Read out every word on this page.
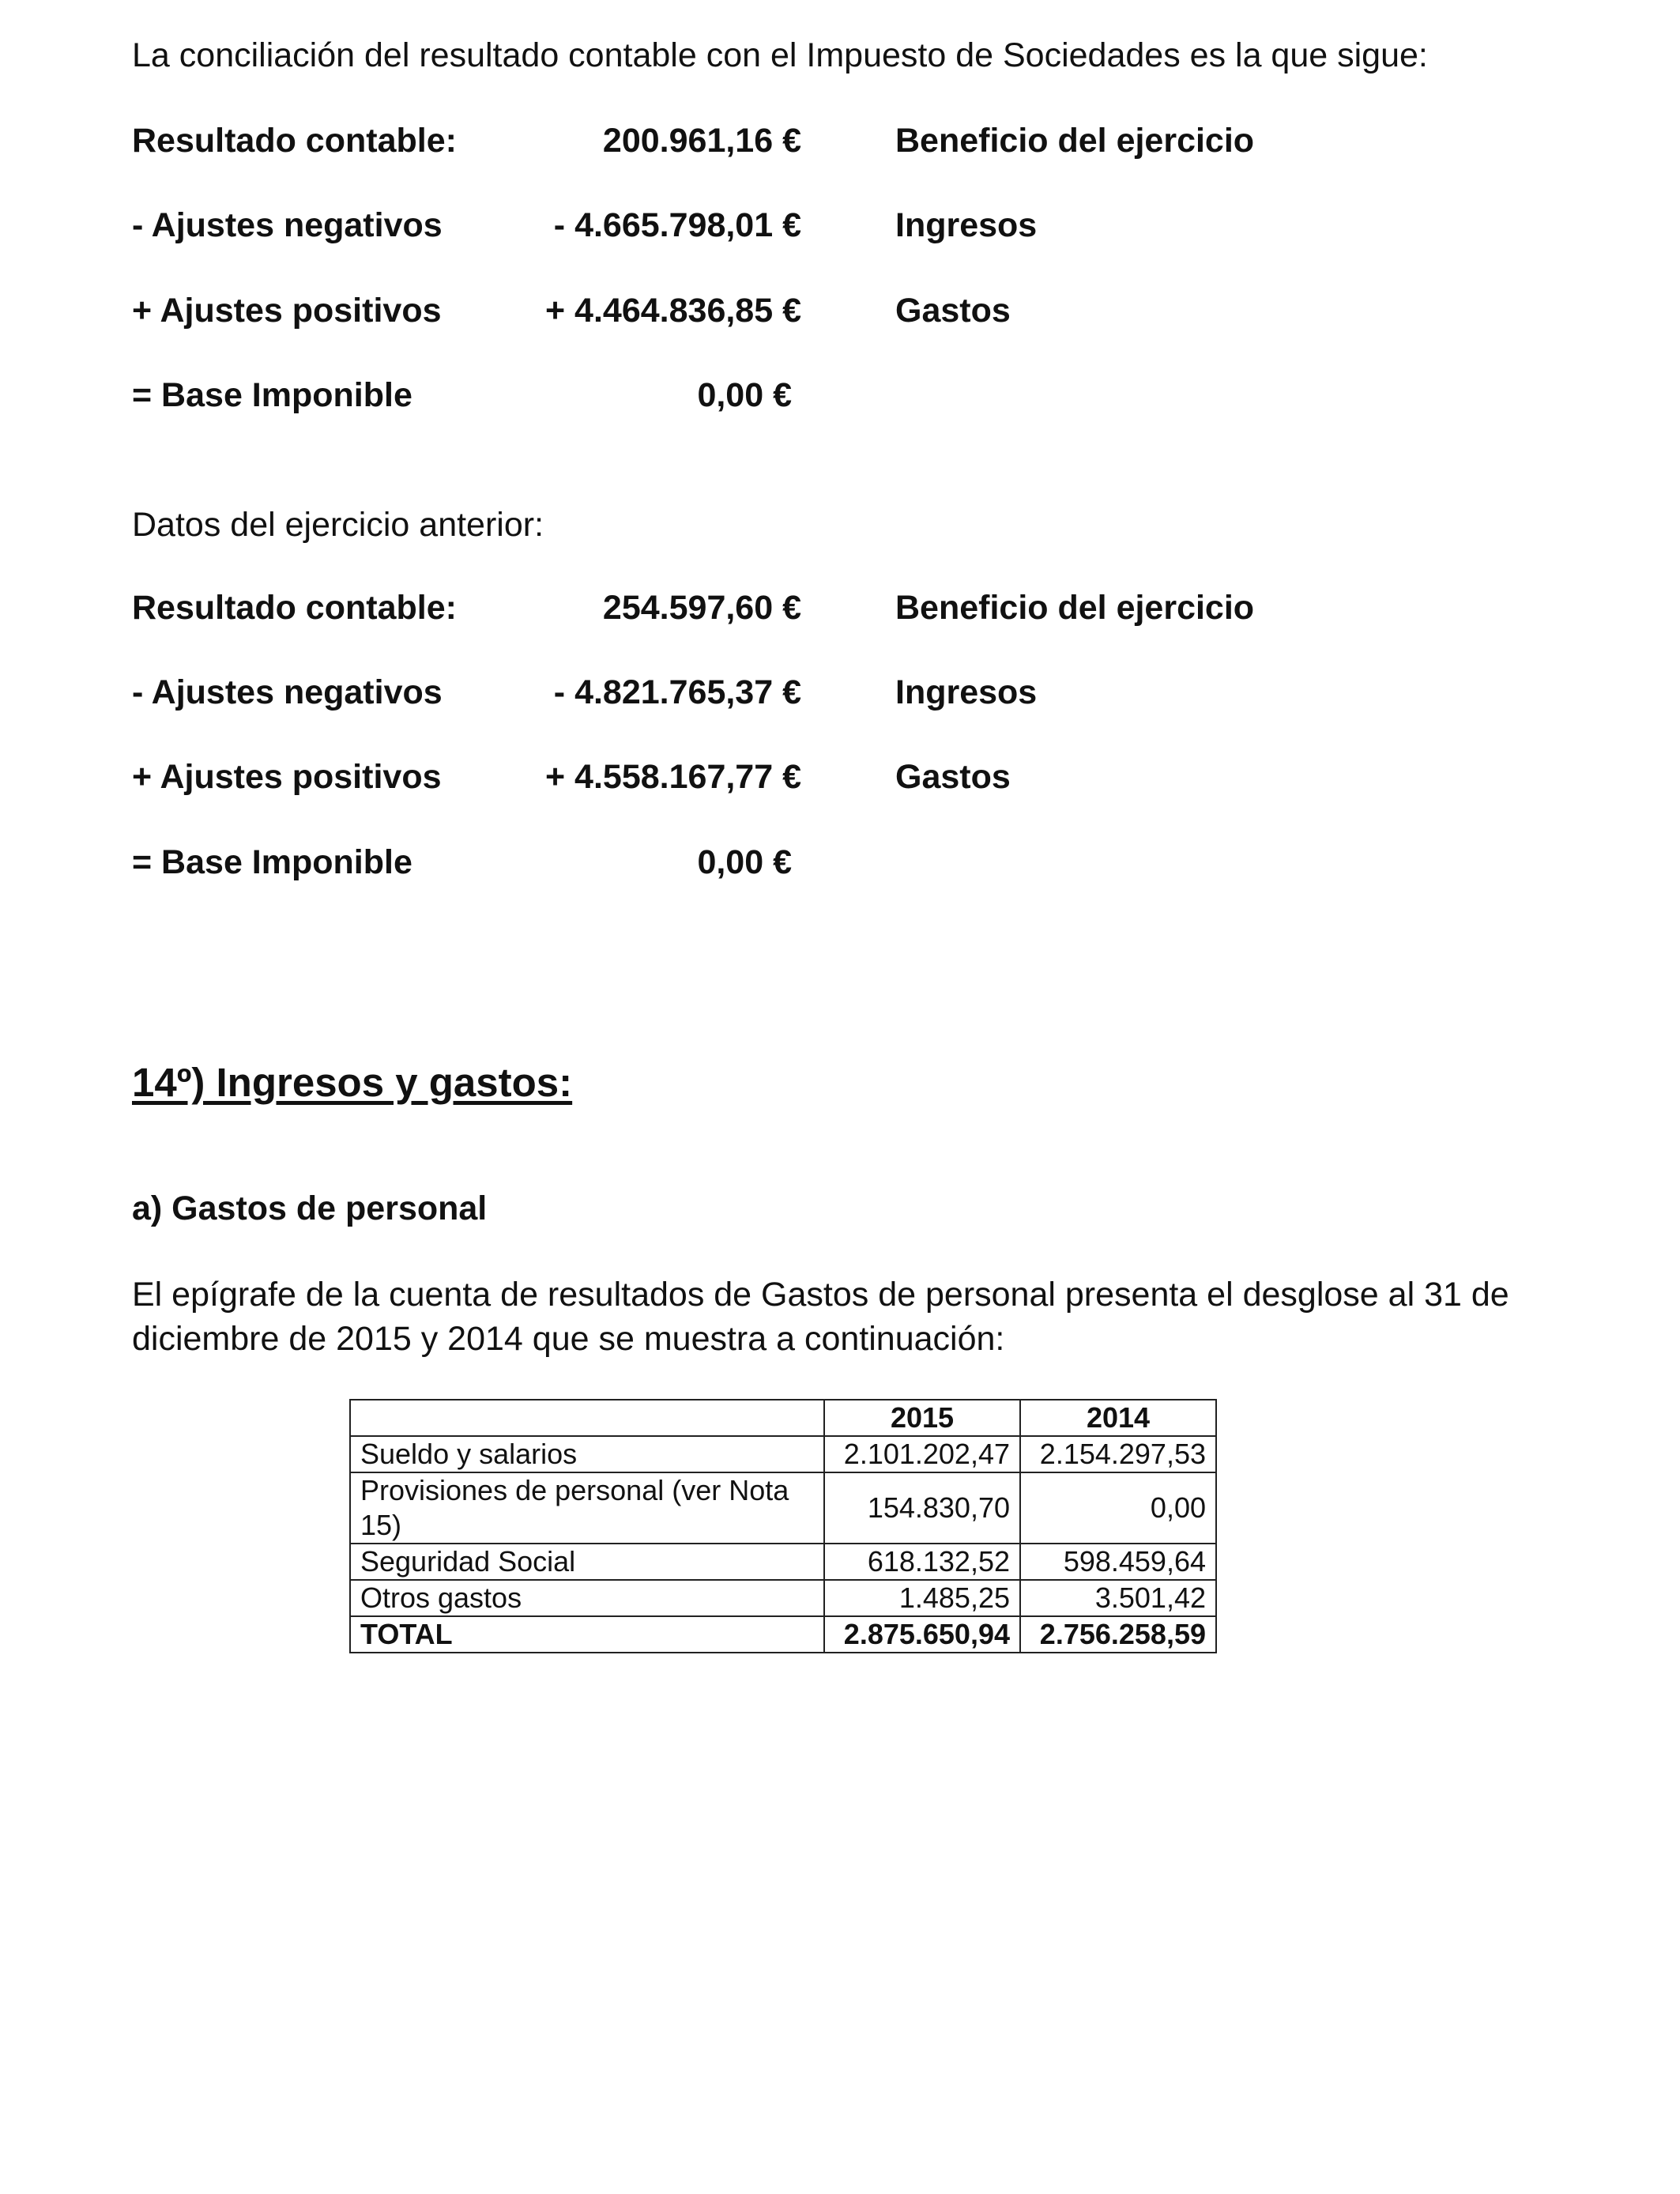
La conciliación del resultado contable con el Impuesto de Sociedades es la que sigue:
Resultado contable:	200.961,16 €	Beneficio del ejercicio
- Ajustes negativos	- 4.665.798,01 €	Ingresos
+ Ajustes positivos	+ 4.464.836,85 €	Gastos
= Base Imponible	0,00 €
Datos del ejercicio anterior:
Resultado contable:	254.597,60 €	Beneficio del ejercicio
- Ajustes negativos	- 4.821.765,37 €	Ingresos
+ Ajustes positivos	+ 4.558.167,77 €	Gastos
= Base Imponible	0,00 €
14º) Ingresos y gastos:
a) Gastos de personal
El epígrafe de la cuenta de resultados de Gastos de personal presenta el desglose al 31 de diciembre de 2015 y 2014 que se muestra a continuación:
	2015	2014
Sueldo y salarios	2.101.202,47	2.154.297,53
Provisiones de personal (ver Nota 15)	154.830,70	0,00
Seguridad Social	618.132,52	598.459,64
Otros gastos	1.485,25	3.501,42
TOTAL	2.875.650,94	2.756.258,59
